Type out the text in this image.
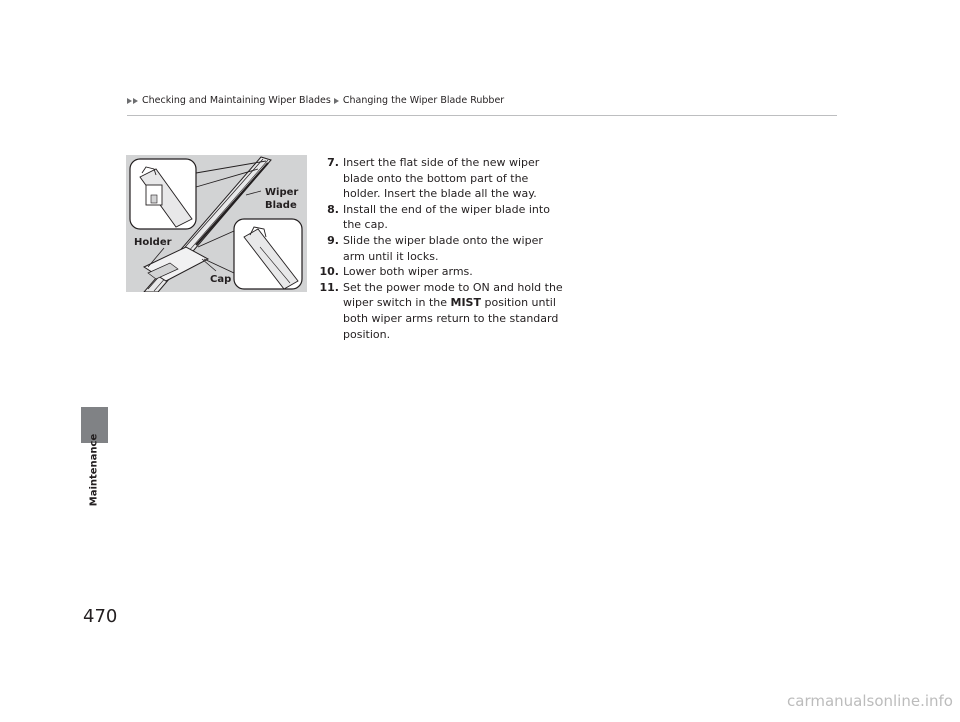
Checking and Maintaining Wiper Blades Changing the Wiper Blade Rubber
Maintenance
470
Wiper
Blade
Holder
Cap
7. Insert the flat side of the new wiper blade onto the bottom part of the holder. Insert the blade all the way.
8. Install the end of the wiper blade into the cap.
9. Slide the wiper blade onto the wiper arm until it locks.
10. Lower both wiper arms.
11. Set the power mode to ON and hold the wiper switch in the MIST position until both wiper arms return to the standard position.
carmanualsonline.info
